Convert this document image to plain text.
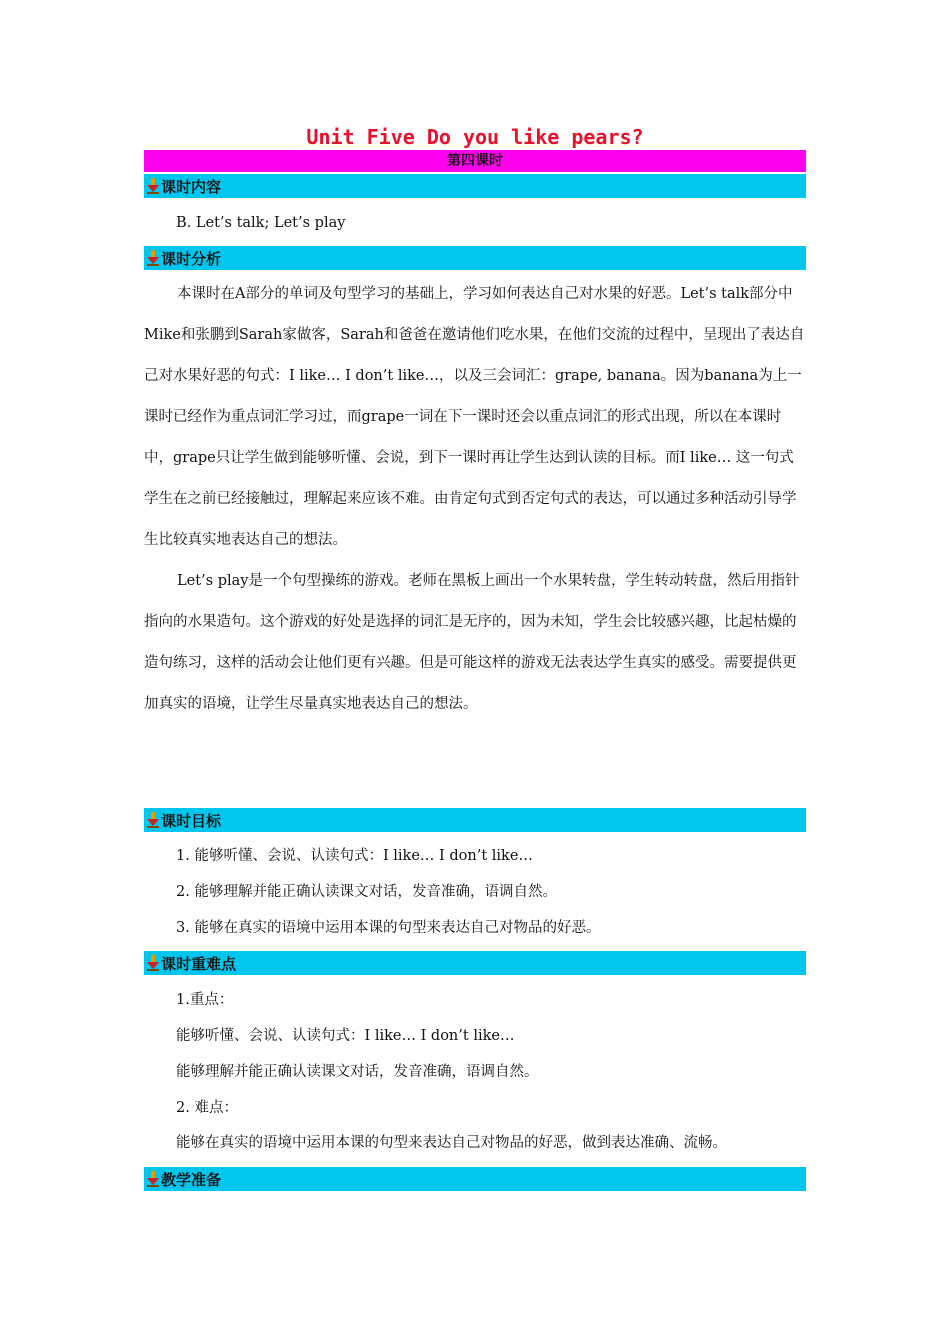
Unit Five Do you like pears?
第四课时
课时内容
B. Let’s talk; Let’s play
课时分析

本课时在A部分的单词及句型学习的基础上，学习如何表达自己对水果的好恶。Let’s talk部分中Mike和张鹏到Sarah家做客，Sarah和爸爸在邀请他们吃水果，在他们交流的过程中，呈现出了表达自己对水果好恶的句式：I like… I don’t like…，以及三会词汇：grape, banana。因为banana为上一课时已经作为重点词汇学习过，而grape一词在下一课时还会以重点词汇的形式出现，所以在本课时中，grape只让学生做到能够听懂、会说，到下一课时再让学生达到认读的目标。而I like… 这一句式学生在之前已经接触过，理解起来应该不难。由肯定句式到否定句式的表达，可以通过多种活动引导学生比较真实地表达自己的想法。

Let’s play是一个句型操练的游戏。老师在黑板上画出一个水果转盘，学生转动转盘，然后用指针指向的水果造句。这个游戏的好处是选择的词汇是无序的，因为未知，学生会比较感兴趣，比起枯燥的造句练习，这样的活动会让他们更有兴趣。但是可能这样的游戏无法表达学生真实的感受。需要提供更加真实的语境，让学生尽量真实地表达自己的想法。

课时目标
1. 能够听懂、会说、认读句式：I like… I don’t like…
2. 能够理解并能正确认读课文对话，发音准确，语调自然。
3. 能够在真实的语境中运用本课的句型来表达自己对物品的好恶。
课时重难点
1.重点：
能够听懂、会说、认读句式：I like… I don’t like…
能够理解并能正确认读课文对话，发音准确，语调自然。
2. 难点：
能够在真实的语境中运用本课的句型来表达自己对物品的好恶，做到表达准确、流畅。
教学准备
